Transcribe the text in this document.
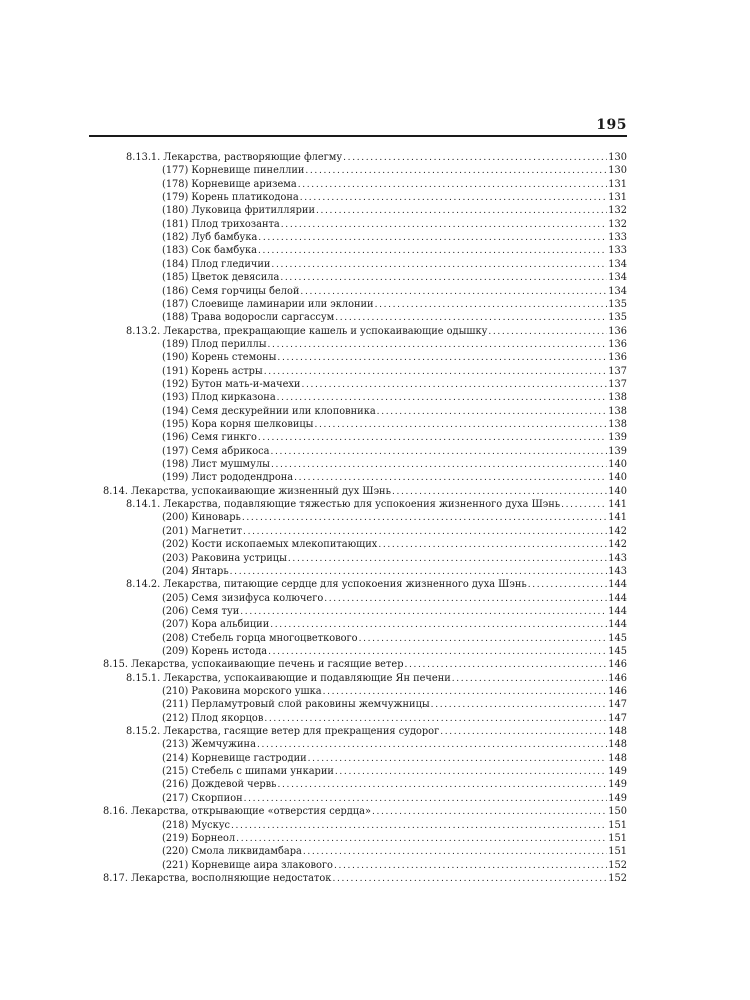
195
8.13.1. Лекарства, растворяющие флегму . . .	130
(177) Корневище пинеллии . . .	130
(178) Корневище аризема . . .	131
(179) Корень платикодона . . .	131
(180) Луковица фритиллярии . . .	132
(181) Плод трихозанта . . .	132
(182) Луб бамбука . . .	133
(183) Сок бамбука . . .	133
(184) Плод гледичии . . .	134
(185) Цветок девясила . . .	134
(186) Семя горчицы белой . . .	134
(187) Слоевище ламинарии или эклонии . . .	135
(188) Трава водоросли саргассум . . .	135
8.13.2. Лекарства, прекращающие кашель и успокаивающие одышку . . .	136
(189) Плод периллы . . .	136
(190) Корень стемоны . . .	136
(191) Корень астры . . .	137
(192) Бутон мать-и-мачехи . . .	137
(193) Плод кирказона . . .	138
(194) Семя дескурейнии или клоповника . . .	138
(195) Кора корня шелковицы . . .	138
(196) Семя гинкго . . .	139
(197) Семя абрикоса . . .	139
(198) Лист мушмулы . . .	140
(199) Лист рододендрона . . .	140
8.14. Лекарства, успокаивающие жизненный дух Шэнь . . .	140
8.14.1. Лекарства, подавляющие тяжестью для успокоения жизненного духа Шэнь . . .	141
(200) Киноварь . . .	141
(201) Магнетит . . .	142
(202) Кости ископаемых млекопитающих . . .	142
(203) Раковина устрицы . . .	143
(204) Янтарь . . .	143
8.14.2. Лекарства, питающие сердце для успокоения жизненного духа Шэнь . . .	144
(205) Семя зизифуса колючего . . .	144
(206) Семя туи . . .	144
(207) Кора альбиции . . .	144
(208) Стебель горца многоцветкового . . .	145
(209) Корень истода . . .	145
8.15. Лекарства, успокаивающие печень и гасящие ветер . . .	146
8.15.1. Лекарства, успокаивающие и подавляющие Ян печени . . .	146
(210) Раковина морского ушка . . .	146
(211) Перламутровый слой раковины жемчужницы . . .	147
(212) Плод якорцов . . .	147
8.15.2. Лекарства, гасящие ветер для прекращения судорог . . .	148
(213) Жемчужина . . .	148
(214) Корневище гастродии . . .	148
(215) Стебель с шипами ункарии . . .	149
(216) Дождевой червь . . .	149
(217) Скорпион . . .	149
8.16. Лекарства, открывающие «отверстия сердца» . . .	150
(218) Мускус . . .	151
(219) Борнеол . . .	151
(220) Смола ликвидамбара . . .	151
(221) Корневище аира злакового . . .	152
8.17. Лекарства, восполняющие недостаток . . .	152
